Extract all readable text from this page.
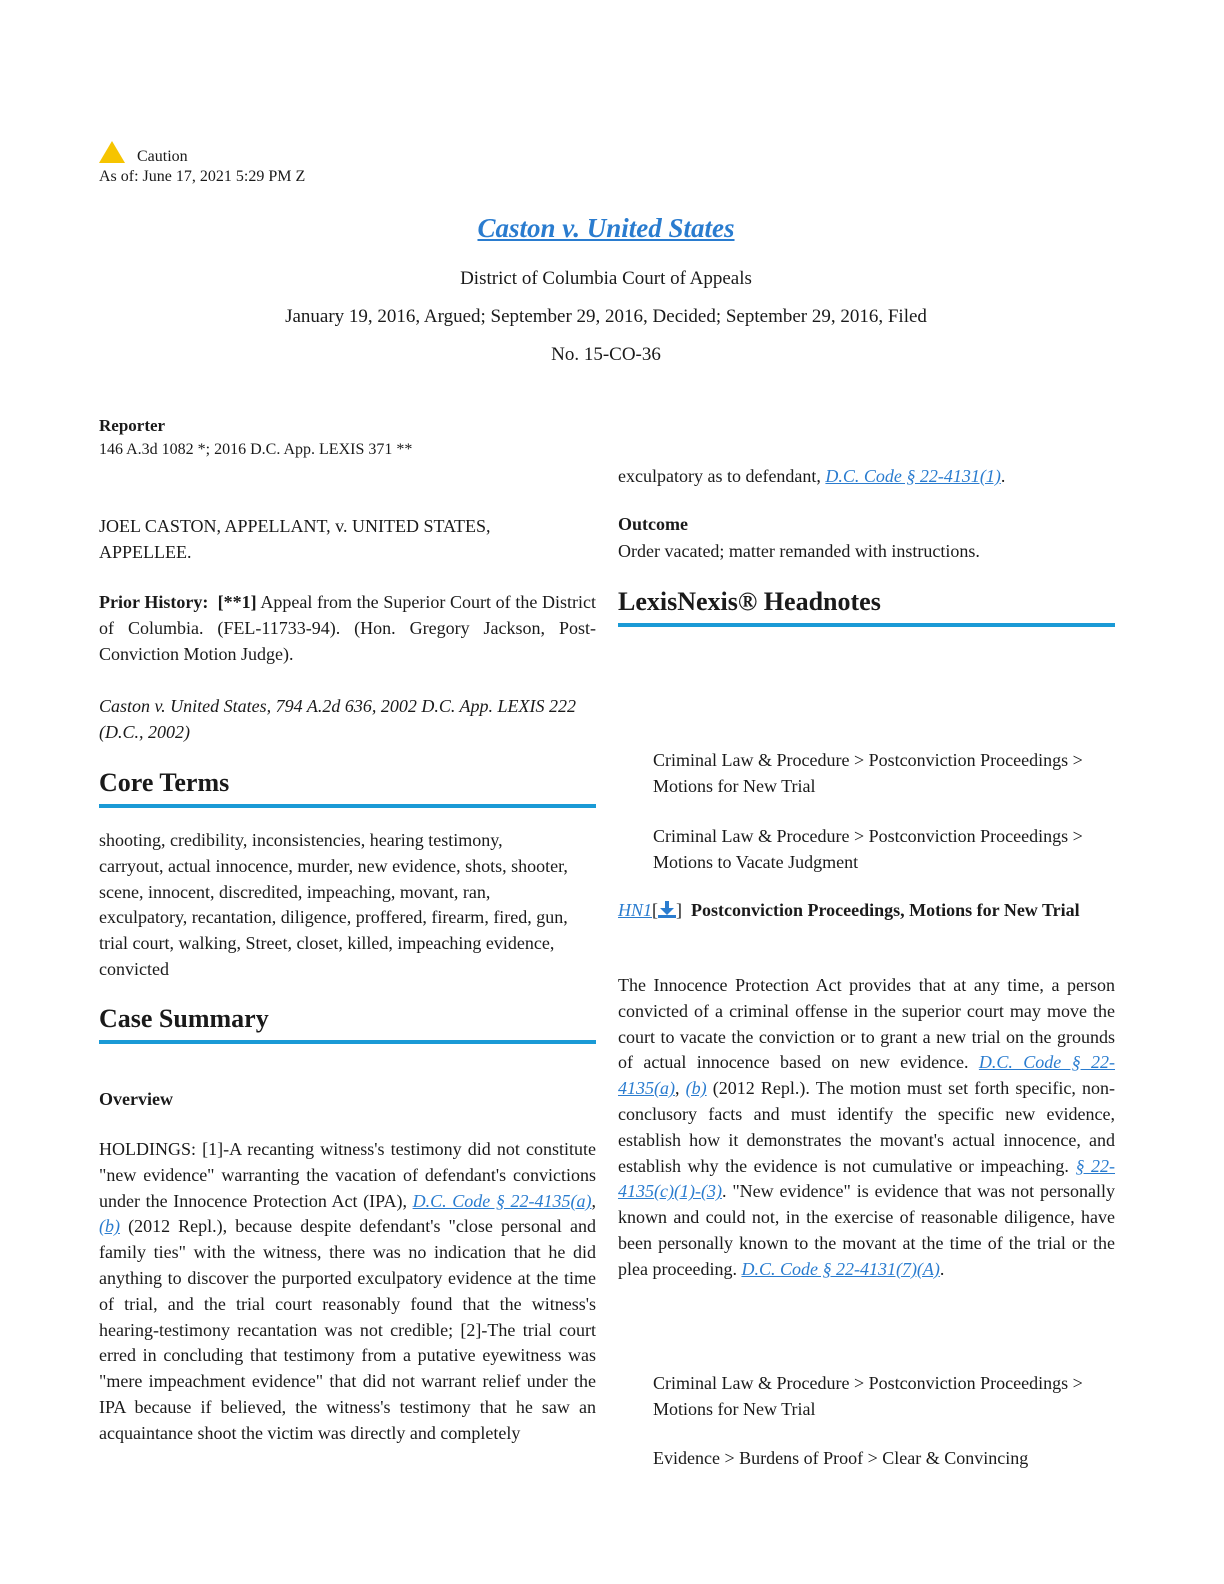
Caution
As of: June 17, 2021 5:29 PM Z
Caston v. United States
District of Columbia Court of Appeals
January 19, 2016, Argued; September 29, 2016, Decided; September 29, 2016, Filed
No. 15-CO-36
Reporter
146 A.3d 1082 *; 2016 D.C. App. LEXIS 371 **
JOEL CASTON, APPELLANT, v. UNITED STATES, APPELLEE.
Prior History: [**1] Appeal from the Superior Court of the District of Columbia. (FEL-11733-94). (Hon. Gregory Jackson, Post-Conviction Motion Judge).
Caston v. United States, 794 A.2d 636, 2002 D.C. App. LEXIS 222 (D.C., 2002)
Core Terms
shooting, credibility, inconsistencies, hearing testimony, carryout, actual innocence, murder, new evidence, shots, shooter, scene, innocent, discredited, impeaching, movant, ran, exculpatory, recantation, diligence, proffered, firearm, fired, gun, trial court, walking, Street, closet, killed, impeaching evidence, convicted
Case Summary
Overview
HOLDINGS: [1]-A recanting witness's testimony did not constitute "new evidence" warranting the vacation of defendant's convictions under the Innocence Protection Act (IPA), D.C. Code § 22-4135(a), (b) (2012 Repl.), because despite defendant's "close personal and family ties" with the witness, there was no indication that he did anything to discover the purported exculpatory evidence at the time of trial, and the trial court reasonably found that the witness's hearing-testimony recantation was not credible; [2]-The trial court erred in concluding that testimony from a putative eyewitness was "mere impeachment evidence" that did not warrant relief under the IPA because if believed, the witness's testimony that he saw an acquaintance shoot the victim was directly and completely
exculpatory as to defendant, D.C. Code § 22-4131(1).
Outcome
Order vacated; matter remanded with instructions.
LexisNexis® Headnotes
Criminal Law & Procedure > Postconviction Proceedings > Motions for New Trial
Criminal Law & Procedure > Postconviction Proceedings > Motions to Vacate Judgment
HN1[ ] Postconviction Proceedings, Motions for New Trial
The Innocence Protection Act provides that at any time, a person convicted of a criminal offense in the superior court may move the court to vacate the conviction or to grant a new trial on the grounds of actual innocence based on new evidence. D.C. Code § 22-4135(a), (b) (2012 Repl.). The motion must set forth specific, non-conclusory facts and must identify the specific new evidence, establish how it demonstrates the movant's actual innocence, and establish why the evidence is not cumulative or impeaching. § 22-4135(c)(1)-(3). "New evidence" is evidence that was not personally known and could not, in the exercise of reasonable diligence, have been personally known to the movant at the time of the trial or the plea proceeding. D.C. Code § 22-4131(7)(A).
Criminal Law & Procedure > Postconviction Proceedings > Motions for New Trial
Evidence > Burdens of Proof > Clear & Convincing
